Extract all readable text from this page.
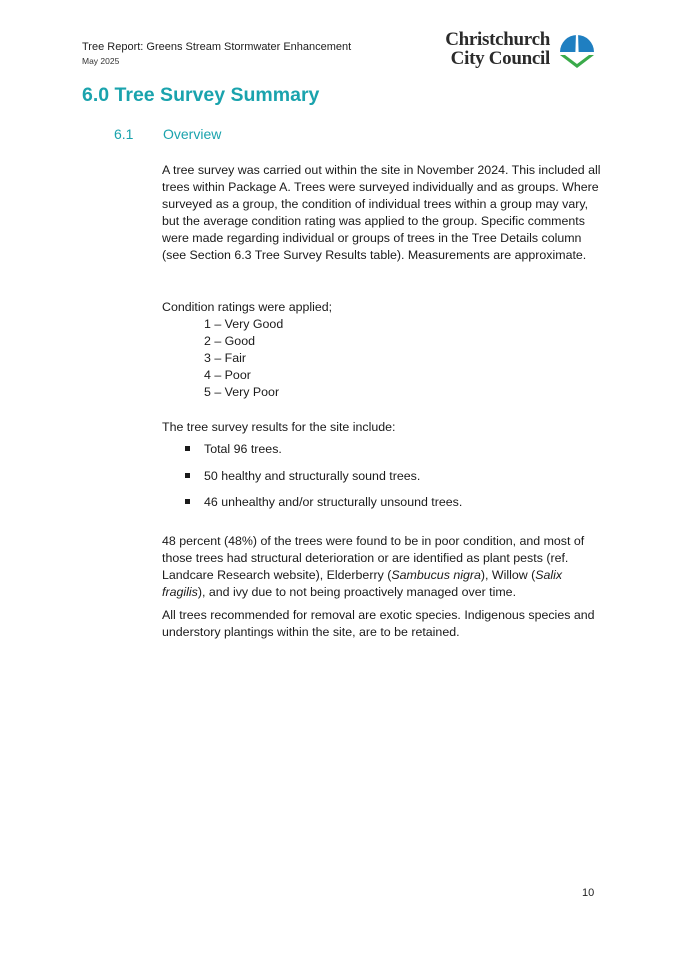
Tree Report: Greens Stream Stormwater Enhancement
May 2025
Christchurch
City Council
6.0 Tree Survey Summary
6.1 Overview
A tree survey was carried out within the site in November 2024. This included all trees within Package A. Trees were surveyed individually and as groups. Where surveyed as a group, the condition of individual trees within a group may vary, but the average condition rating was applied to the group. Specific comments were made regarding individual or groups of trees in the Tree Details column (see Section 6.3 Tree Survey Results table). Measurements are approximate.
Condition ratings were applied;
1 – Very Good
2 – Good
3 – Fair
4 – Poor
5 – Very Poor
The tree survey results for the site include:
Total 96 trees.
50 healthy and structurally sound trees.
46 unhealthy and/or structurally unsound trees.
48 percent (48%) of the trees were found to be in poor condition, and most of those trees had structural deterioration or are identified as plant pests (ref. Landcare Research website), Elderberry (Sambucus nigra), Willow (Salix fragilis), and ivy due to not being proactively managed over time.
All trees recommended for removal are exotic species. Indigenous species and understory plantings within the site, are to be retained.
10
